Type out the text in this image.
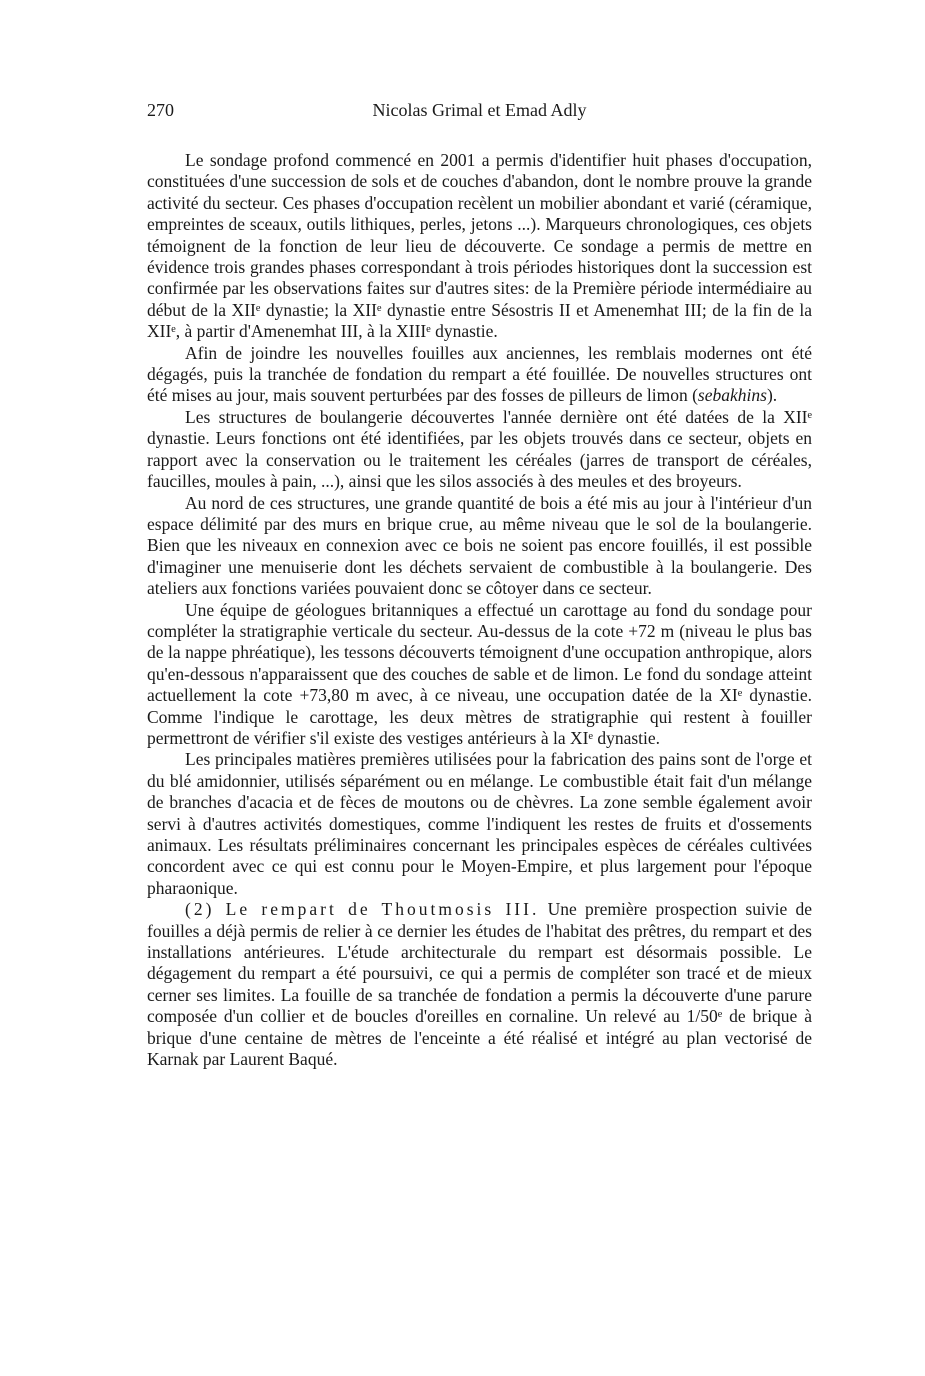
270	Nicolas Grimal et Emad Adly

Le sondage profond commencé en 2001 a permis d'identifier huit phases d'occupation, constituées d'une succession de sols et de couches d'abandon, dont le nombre prouve la grande activité du secteur. Ces phases d'occupation recèlent un mobilier abondant et varié (céramique, empreintes de sceaux, outils lithiques, perles, jetons ...). Marqueurs chronologiques, ces objets témoignent de la fonction de leur lieu de découverte. Ce sondage a permis de mettre en évidence trois grandes phases correspondant à trois périodes historiques dont la succession est confirmée par les observations faites sur d'autres sites: de la Première période intermédiaire au début de la XIIᵉ dynastie; la XIIᵉ dynastie entre Sésostris II et Amenemhat III; de la fin de la XIIᵉ, à partir d'Amenemhat III, à la XIIIᵉ dynastie.

Afin de joindre les nouvelles fouilles aux anciennes, les remblais modernes ont été dégagés, puis la tranchée de fondation du rempart a été fouillée. De nouvelles structures ont été mises au jour, mais souvent perturbées par des fosses de pilleurs de limon (sebakhins).

Les structures de boulangerie découvertes l'année dernière ont été datées de la XIIᵉ dynastie. Leurs fonctions ont été identifiées, par les objets trouvés dans ce secteur, objets en rapport avec la conservation ou le traitement les céréales (jarres de transport de céréales, faucilles, moules à pain, ...), ainsi que les silos associés à des meules et des broyeurs.

Au nord de ces structures, une grande quantité de bois a été mis au jour à l'intérieur d'un espace délimité par des murs en brique crue, au même niveau que le sol de la boulangerie. Bien que les niveaux en connexion avec ce bois ne soient pas encore fouillés, il est possible d'imaginer une menuiserie dont les déchets servaient de combustible à la boulangerie. Des ateliers aux fonctions variées pouvaient donc se côtoyer dans ce secteur.

Une équipe de géologues britanniques a effectué un carottage au fond du sondage pour compléter la stratigraphie verticale du secteur. Au-dessus de la cote +72 m (niveau le plus bas de la nappe phréatique), les tessons découverts témoignent d'une occupation anthropique, alors qu'en-dessous n'apparaissent que des couches de sable et de limon. Le fond du sondage atteint actuellement la cote +73,80 m avec, à ce niveau, une occupation datée de la XIᵉ dynastie. Comme l'indique le carottage, les deux mètres de stratigraphie qui restent à fouiller permettront de vérifier s'il existe des vestiges antérieurs à la XIᵉ dynastie.

Les principales matières premières utilisées pour la fabrication des pains sont de l'orge et du blé amidonnier, utilisés séparément ou en mélange. Le combustible était fait d'un mélange de branches d'acacia et de fèces de moutons ou de chèvres. La zone semble également avoir servi à d'autres activités domestiques, comme l'indiquent les restes de fruits et d'ossements animaux. Les résultats préliminaires concernant les principales espèces de céréales cultivées concordent avec ce qui est connu pour le Moyen-Empire, et plus largement pour l'époque pharaonique.

(2) Le rempart de Thoutmosis III. Une première prospection suivie de fouilles a déjà permis de relier à ce dernier les études de l'habitat des prêtres, du rempart et des installations antérieures. L'étude architecturale du rempart est désormais possible. Le dégagement du rempart a été poursuivi, ce qui a permis de compléter son tracé et de mieux cerner ses limites. La fouille de sa tranchée de fondation a permis la découverte d'une parure composée d'un collier et de boucles d'oreilles en cornaline. Un relevé au 1/50ᵉ de brique à brique d'une centaine de mètres de l'enceinte a été réalisé et intégré au plan vectorisé de Karnak par Laurent Baqué.
